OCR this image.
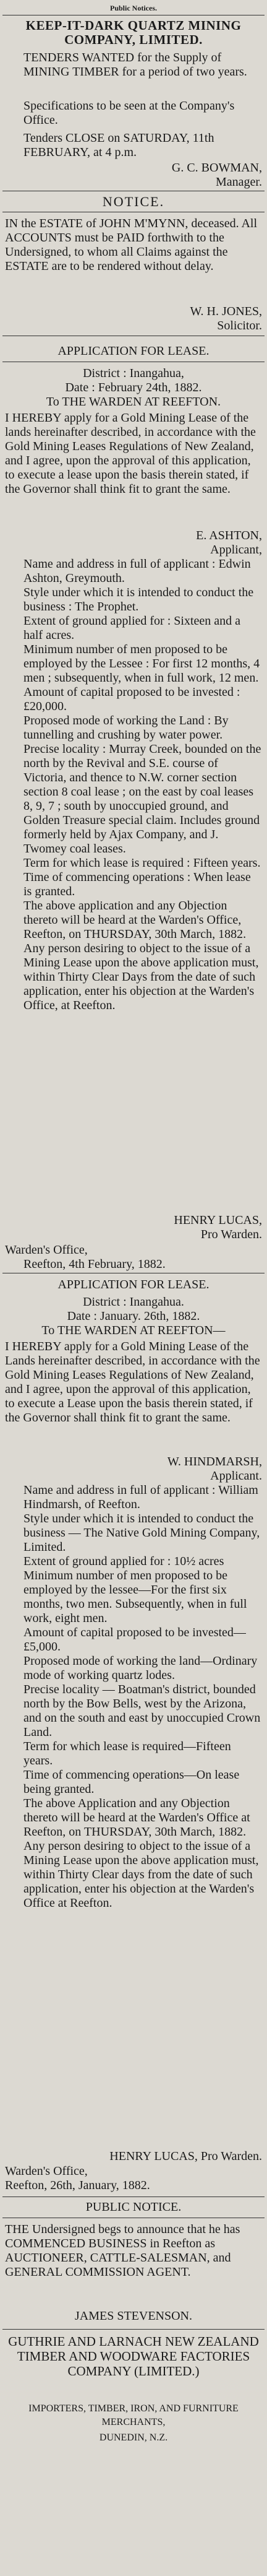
Public Notices.
KEEP-IT-DARK QUARTZ MINING COMPANY, LIMITED.

TENDERS WANTED for the Supply of MINING TIMBER for a period of two years.

Specifications to be seen at the Company's Office.

Tenders CLOSE on SATURDAY, 11th FEBRUARY, at 4 p.m.

G. C. BOWMAN,

Manager.

NOTICE.
IN the ESTATE of JOHN M'MYNN, deceased. All ACCOUNTS must be PAID forthwith to the Undersigned, to whom all Claims against the ESTATE are to be rendered without delay.

W. H. JONES,

Solicitor.

APPLICATION FOR LEASE.

District : Inangahua,

Date : February 24th, 1882.

To THE WARDEN AT REEFTON.

I HEREBY apply for a Gold Mining Lease of the lands hereinafter described, in accordance with the Gold Mining Leases Regulations of New Zealand, and I agree, upon the approval of this application, to execute a lease upon the basis therein stated, if the Governor shall think fit to grant the same.

E. ASHTON,

Applicant,

Name and address in full of applicant : Edwin Ashton, Greymouth.

Style under which it is intended to conduct the business : The Prophet.

Extent of ground applied for : Sixteen and a half acres.

Minimum number of men proposed to be employed by the Lessee : For first 12 months, 4 men ; subsequently, when in full work, 12 men.

Amount of capital proposed to be invested : £20,000.

Proposed mode of working the Land : By tunnelling and crushing by water power.

Precise locality : Murray Creek, bounded on the north by the Revival and S.E. course of Victoria, and thence to N.W. corner section section 8 coal lease ; on the east by coal leases 8, 9, 7 ; south by unoccupied ground, and Golden Treasure special claim. Includes ground formerly held by Ajax Company, and J. Twomey coal leases.

Term for which lease is required : Fifteen years.

Time of commencing operations : When lease is granted.

The above application and any Objection thereto will be heard at the Warden's Office, Reefton, on THURSDAY, 30th March, 1882.

Any person desiring to object to the issue of a Mining Lease upon the above application must, within Thirty Clear Days from the date of such application, enter his objection at the Warden's Office, at Reefton.

HENRY LUCAS,

Pro Warden.

Warden's Office,

Reefton, 4th February, 1882.

APPLICATION FOR LEASE.

District : Inangahua.

Date : January. 26th, 1882.

To THE WARDEN AT REEFTON—

I HEREBY apply for a Gold Mining Lease of the Lands hereinafter described, in accordance with the Gold Mining Leases Regulations of New Zealand, and I agree, upon the approval of this application, to execute a Lease upon the basis therein stated, if the Governor shall think fit to grant the same.

W. HINDMARSH,

Applicant.

Name and address in full of applicant : William Hindmarsh, of Reefton.

Style under which it is intended to conduct the business — The Native Gold Mining Company, Limited.

Extent of ground applied for : 10½ acres

Minimum number of men proposed to be employed by the lessee—For the first six months, two men. Subsequently, when in full work, eight men.

Amount of capital proposed to be invested—£5,000.

Proposed mode of working the land—Ordinary mode of working quartz lodes.

Precise locality — Boatman's district, bounded north by the Bow Bells, west by the Arizona, and on the south and east by unoccupied Crown Land.

Term for which lease is required—Fifteen years.

Time of commencing operations—On lease being granted.

The above Application and any Objection thereto will be heard at the Warden's Office at Reefton, on THURSDAY, 30th March, 1882.

Any person desiring to object to the issue of a Mining Lease upon the above application must, within Thirty Clear days from the date of such application, enter his objection at the Warden's Office at Reefton.

HENRY LUCAS, Pro Warden.

Warden's Office,

Reefton, 26th, January, 1882.

PUBLIC NOTICE.
THE Undersigned begs to announce that he has COMMENCED BUSINESS in Reefton as AUCTIONEER, CATTLE-SALESMAN, and GENERAL COMMISSION AGENT.
JAMES STEVENSON.
GUTHRIE AND LARNACH NEW ZEALAND TIMBER AND WOODWARE FACTORIES COMPANY (LIMITED.)
IMPORTERS, TIMBER, IRON, AND FURNITURE MERCHANTS,
DUNEDIN, N.Z.
